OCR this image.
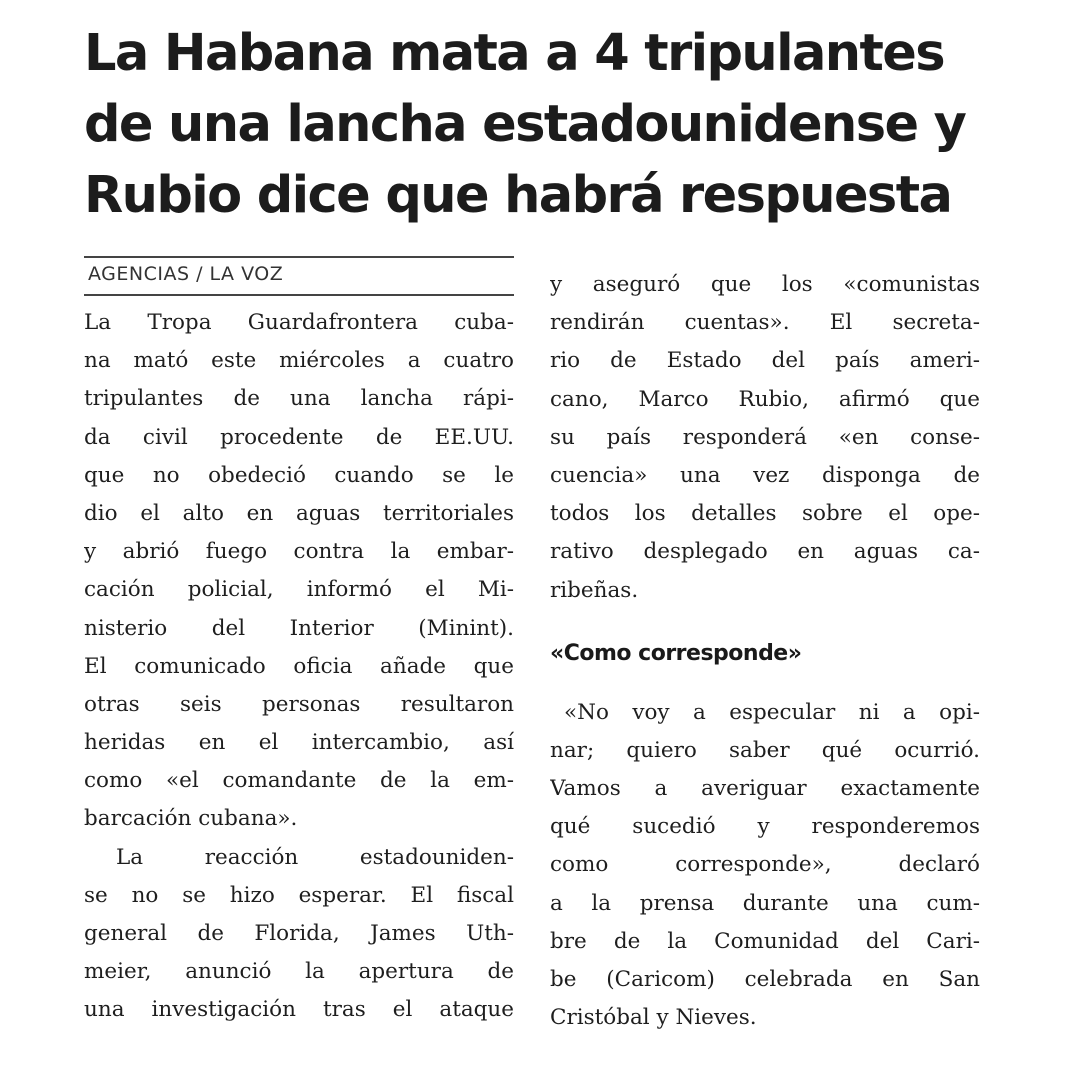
La Habana mata a 4 tripulantes
de una lancha estadounidense y
Rubio dice que habrá respuesta
AGENCIAS / LA VOZ
La Tropa Guardafrontera cuba-
na mató este miércoles a cuatro
tripulantes de una lancha rápi-
da civil procedente de EE.UU.
que no obedeció cuando se le
dio el alto en aguas territoriales
y abrió fuego contra la embar-
cación policial, informó el Mi-
nisterio del Interior (Minint).
El comunicado oficia añade que
otras seis personas resultaron
heridas en el intercambio, así
como «el comandante de la em-
barcación cubana».
La reacción estadouniden-
se no se hizo esperar. El fiscal
general de Florida, James Uth-
meier, anunció la apertura de
una investigación tras el ataque
y aseguró que los «comunistas
rendirán cuentas». El secreta-
rio de Estado del país ameri-
cano, Marco Rubio, afirmó que
su país responderá «en conse-
cuencia» una vez disponga de
todos los detalles sobre el ope-
rativo desplegado en aguas ca-
ribeñas.
«Como corresponde»
«No voy a especular ni a opi-
nar; quiero saber qué ocurrió.
Vamos a averiguar exactamente
qué sucedió y responderemos
como corresponde», declaró
a la prensa durante una cum-
bre de la Comunidad del Cari-
be (Caricom) celebrada en San
Cristóbal y Nieves.
